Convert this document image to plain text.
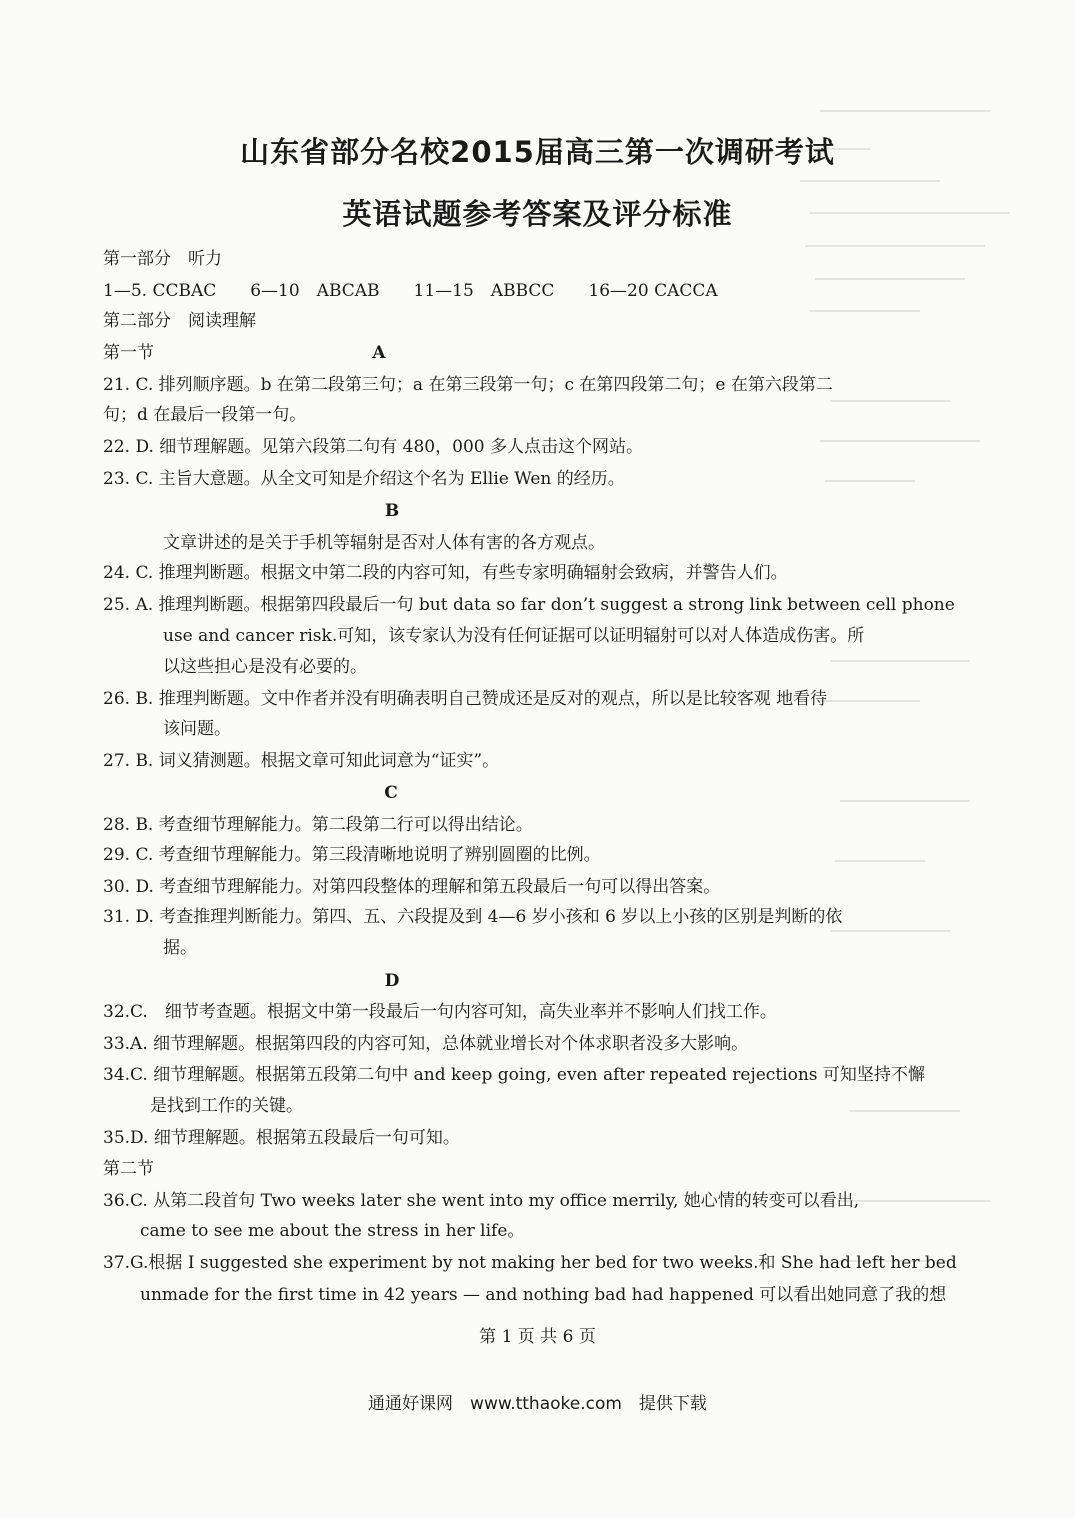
山东省部分名校2015届高三第一次调研考试
英语试题参考答案及评分标准

第一部分　听力

1—5. CCBAC　　6—10　ABCAB　　11—15　ABBCC　　16—20 CACCA

第二部分　阅读理解

第一节	A

21. C. 排列顺序题。b 在第二段第三句；a 在第三段第一句；c 在第四段第二句；e 在第六段第二

句；d 在最后一段第一句。

22. D. 细节理解题。见第六段第二句有 480，000 多人点击这个网站。

23. C. 主旨大意题。从全文可知是介绍这个名为 Ellie Wen 的经历。

B

文章讲述的是关于手机等辐射是否对人体有害的各方观点。

24. C. 推理判断题。根据文中第二段的内容可知，有些专家明确辐射会致病，并警告人们。

25. A. 推理判断题。根据第四段最后一句 but data so far don’t suggest a strong link between cell phone

use and cancer risk.可知，该专家认为没有任何证据可以证明辐射可以对人体造成伤害。所

以这些担心是没有必要的。

26. B. 推理判断题。文中作者并没有明确表明自己赞成还是反对的观点，所以是比较客观 地看待

该问题。

27. B. 词义猜测题。根据文章可知此词意为“证实”。

C

28. B. 考查细节理解能力。第二段第二行可以得出结论。

29. C. 考查细节理解能力。第三段清晰地说明了辨别圆圈的比例。

30. D. 考查细节理解能力。对第四段整体的理解和第五段最后一句可以得出答案。

31. D. 考查推理判断能力。第四、五、六段提及到 4—6 岁小孩和 6 岁以上小孩的区别是判断的依

据。

D

32.C.　细节考查题。根据文中第一段最后一句内容可知，高失业率并不影响人们找工作。

33.A. 细节理解题。根据第四段的内容可知，总体就业增长对个体求职者没多大影响。

34.C. 细节理解题。根据第五段第二句中 and keep going, even after repeated rejections 可知坚持不懈

是找到工作的关键。

35.D. 细节理解题。根据第五段最后一句可知。

第二节

36.C. 从第二段首句 Two weeks later she went into my office merrily, 她心情的转变可以看出,

came to see me about the stress in her life。

37.G.根据 I suggested she experiment by not making her bed for two weeks.和 She had left her bed

unmade for the first time in 42 years — and nothing bad had happened 可以看出她同意了我的想

第 1 页 共 6 页
通通好课网　www.tthaoke.com　提供下载
